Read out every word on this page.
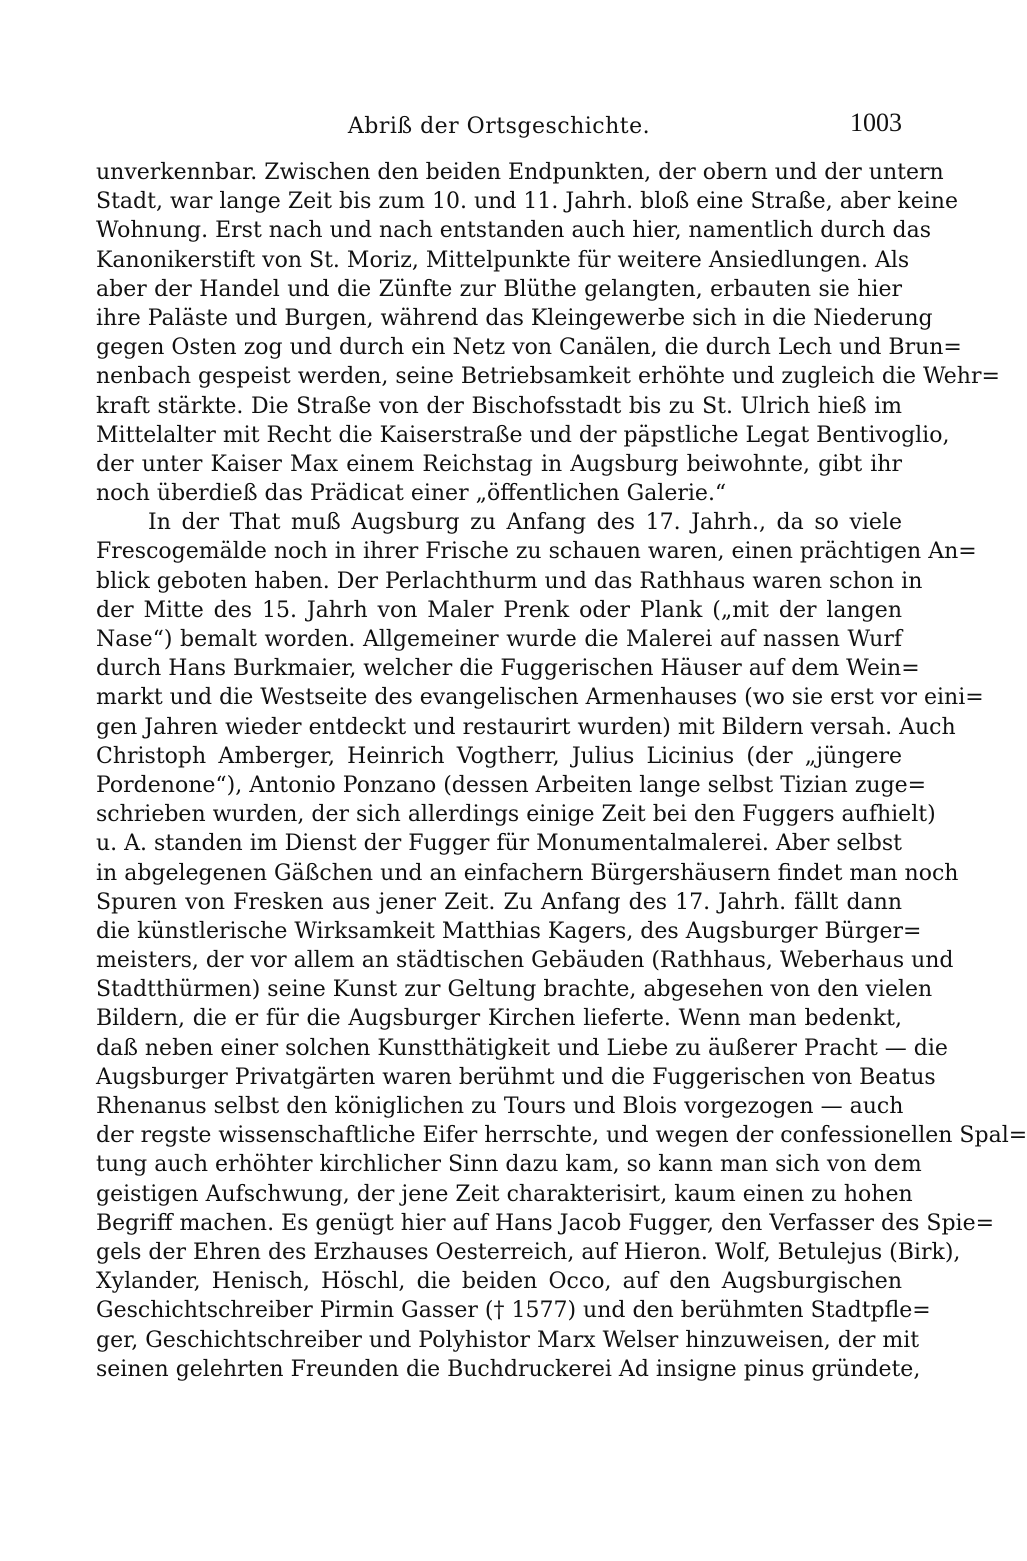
Abriß der Ortsgeschichte.	1003
unverkennbar. Zwischen den beiden Endpunkten, der obern und der untern
Stadt, war lange Zeit bis zum 10. und 11. Jahrh. bloß eine Straße, aber keine
Wohnung. Erst nach und nach entstanden auch hier, namentlich durch das
Kanonikerstift von St. Moriz, Mittelpunkte für weitere Ansiedlungen. Als
aber der Handel und die Zünfte zur Blüthe gelangten, erbauten sie hier
ihre Paläste und Burgen, während das Kleingewerbe sich in die Niederung
gegen Osten zog und durch ein Netz von Canälen, die durch Lech und Brun=
nenbach gespeist werden, seine Betriebsamkeit erhöhte und zugleich die Wehr=
kraft stärkte. Die Straße von der Bischofsstadt bis zu St. Ulrich hieß im
Mittelalter mit Recht die Kaiserstraße und der päpstliche Legat Bentivoglio,
der unter Kaiser Max einem Reichstag in Augsburg beiwohnte, gibt ihr
noch überdieß das Prädicat einer „öffentlichen Galerie.“
In der That muß Augsburg zu Anfang des 17. Jahrh., da so viele
Frescogemälde noch in ihrer Frische zu schauen waren, einen prächtigen An=
blick geboten haben. Der Perlachthurm und das Rathhaus waren schon in
der Mitte des 15. Jahrh von Maler Prenk oder Plank („mit der langen
Nase“) bemalt worden. Allgemeiner wurde die Malerei auf nassen Wurf
durch Hans Burkmaier, welcher die Fuggerischen Häuser auf dem Wein=
markt und die Westseite des evangelischen Armenhauses (wo sie erst vor eini=
gen Jahren wieder entdeckt und restaurirt wurden) mit Bildern versah. Auch
Christoph Amberger, Heinrich Vogtherr, Julius Licinius (der „jüngere
Pordenone“), Antonio Ponzano (dessen Arbeiten lange selbst Tizian zuge=
schrieben wurden, der sich allerdings einige Zeit bei den Fuggers aufhielt)
u. A. standen im Dienst der Fugger für Monumentalmalerei. Aber selbst
in abgelegenen Gäßchen und an einfachern Bürgershäusern findet man noch
Spuren von Fresken aus jener Zeit. Zu Anfang des 17. Jahrh. fällt dann
die künstlerische Wirksamkeit Matthias Kagers, des Augsburger Bürger=
meisters, der vor allem an städtischen Gebäuden (Rathhaus, Weberhaus und
Stadtthürmen) seine Kunst zur Geltung brachte, abgesehen von den vielen
Bildern, die er für die Augsburger Kirchen lieferte. Wenn man bedenkt,
daß neben einer solchen Kunstthätigkeit und Liebe zu äußerer Pracht — die
Augsburger Privatgärten waren berühmt und die Fuggerischen von Beatus
Rhenanus selbst den königlichen zu Tours und Blois vorgezogen — auch
der regste wissenschaftliche Eifer herrschte, und wegen der confessionellen Spal=
tung auch erhöhter kirchlicher Sinn dazu kam, so kann man sich von dem
geistigen Aufschwung, der jene Zeit charakterisirt, kaum einen zu hohen
Begriff machen. Es genügt hier auf Hans Jacob Fugger, den Verfasser des Spie=
gels der Ehren des Erzhauses Oesterreich, auf Hieron. Wolf, Betulejus (Birk),
Xylander, Henisch, Höschl, die beiden Occo, auf den Augsburgischen
Geschichtschreiber Pirmin Gasser († 1577) und den berühmten Stadtpfle=
ger, Geschichtschreiber und Polyhistor Marx Welser hinzuweisen, der mit
seinen gelehrten Freunden die Buchdruckerei Ad insigne pinus gründete,
